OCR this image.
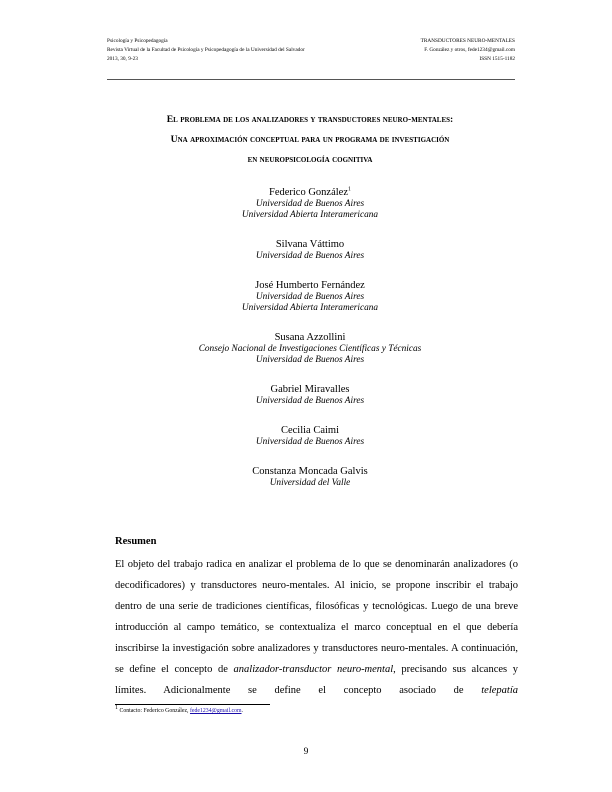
Psicología y Psicopedagogía
Revista Virtual de la Facultad de Psicología y Psicopedagogía de la Universidad del Salvador
2013, 30, 9-23
TRANSDUCTORES NEURO-MENTALES
F. González y otros, fede1234@gmail.com
ISSN 1515-1182
El problema de los analizadores y transductores neuro-mentales:
Una aproximación conceptual para un programa de investigación
en neuropsicología cognitiva
Federico González$^1$
Universidad de Buenos Aires
Universidad Abierta Interamericana
Silvana Váttimo
Universidad de Buenos Aires
José Humberto Fernández
Universidad de Buenos Aires
Universidad Abierta Interamericana
Susana Azzollini
Consejo Nacional de Investigaciones Científicas y Técnicas
Universidad de Buenos Aires
Gabriel Miravalles
Universidad de Buenos Aires
Cecilia Caimi
Universidad de Buenos Aires
Constanza Moncada Galvis
Universidad del Valle
Resumen

El objeto del trabajo radica en analizar el problema de lo que se denominarán analizadores (o decodificadores) y transductores neuro-mentales. Al inicio, se propone inscribir el trabajo dentro de una serie de tradiciones científicas, filosóficas y tecnológicas. Luego de una breve introducción al campo temático, se contextualiza el marco conceptual en el que debería inscribirse la investigación sobre analizadores y transductores neuro-mentales. A continuación, se define el concepto de analizador-transductor neuro-mental, precisando sus alcances y límites. Adicionalmente se define el concepto asociado de telepatía

$^1$ Contacto: Federico González, fede1234@gmail.com.
9
